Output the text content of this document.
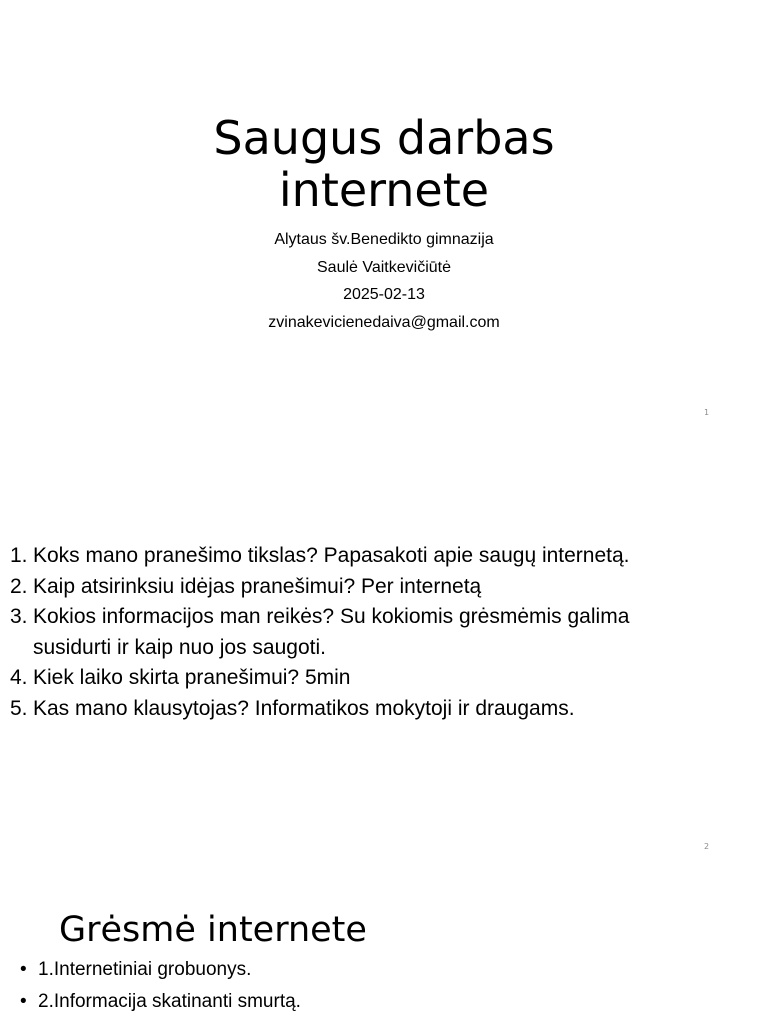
Saugus darbas
internete
Alytaus šv.Benedikto gimnazija
Saulė Vaitkevičiūtė
2025-02-13
zvinakevicienedaiva@gmail.com
1
1. Koks mano pranešimo tikslas? Papasakoti apie saugų internetą.
2. Kaip atsirinksiu idėjas pranešimui? Per internetą
3. Kokios informacijos man reikės? Su kokiomis grėsmėmis galima susidurti ir kaip nuo jos saugoti.
4. Kiek laiko skirta pranešimui? 5min
5. Kas mano klausytojas? Informatikos mokytoji ir draugams.
2
Grėsmė internete
• 1.Internetiniai grobuonys.
• 2.Informacija skatinanti smurtą.
